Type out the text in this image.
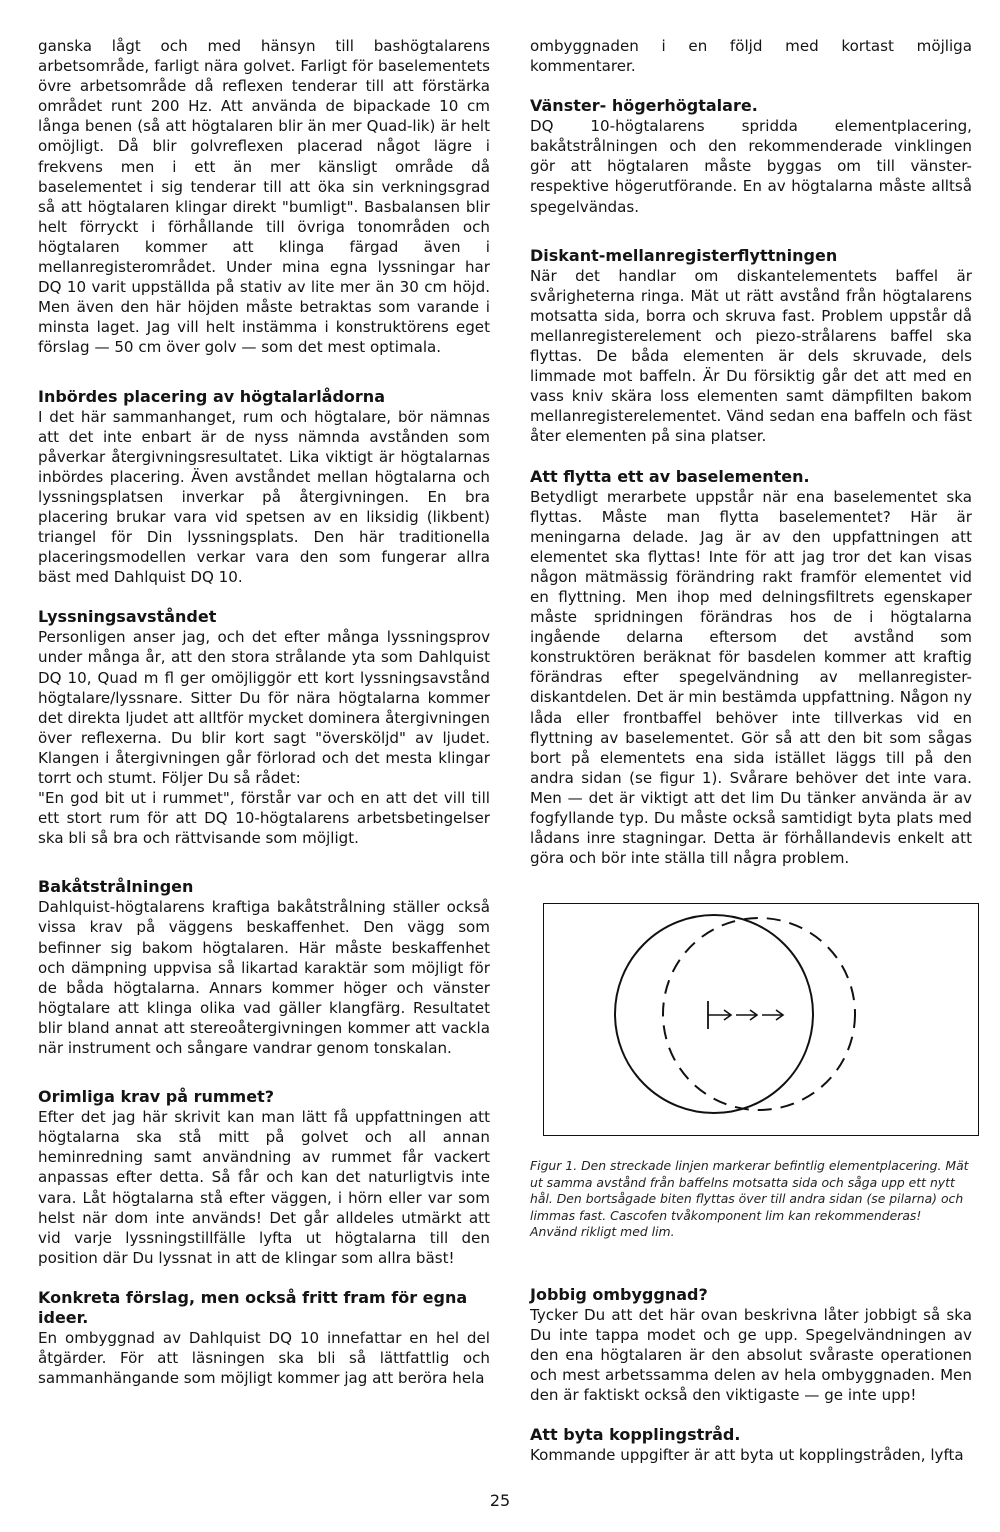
ganska lågt och med hänsyn till bashögtalarens arbetsområde, farligt nära golvet. Farligt för baselementets övre arbetsområde då reflexen tenderar till att förstärka området runt 200 Hz. Att använda de bipackade 10 cm långa benen (så att högtalaren blir än mer Quad-lik) är helt omöjligt. Då blir golvreflexen placerad något lägre i frekvens men i ett än mer känsligt område då baselementet i sig tenderar till att öka sin verkningsgrad så att högtalaren klingar direkt "bumligt". Basbalansen blir helt förryckt i förhållande till övriga tonområden och högtalaren kommer att klinga färgad även i mellanregisterområdet. Under mina egna lyssningar har DQ 10 varit uppställda på stativ av lite mer än 30 cm höjd. Men även den här höjden måste betraktas som varande i minsta laget. Jag vill helt instämma i konstruktörens eget förslag — 50 cm över golv — som det mest optimala.

Inbördes placering av högtalarlådorna

I det här sammanhanget, rum och högtalare, bör nämnas att det inte enbart är de nyss nämnda avstånden som påverkar återgivningsresultatet. Lika viktigt är högtalarnas inbördes placering. Även avståndet mellan högtalarna och lyssningsplatsen inverkar på återgivningen. En bra placering brukar vara vid spetsen av en liksidig (likbent) triangel för Din lyssningsplats. Den här traditionella placeringsmodellen verkar vara den som fungerar allra bäst med Dahlquist DQ 10.

Lyssningsavståndet

Personligen anser jag, och det efter många lyssningsprov under många år, att den stora strålande yta som Dahlquist DQ 10, Quad m fl ger omöjliggör ett kort lyssningsavstånd högtalare/lyssnare. Sitter Du för nära högtalarna kommer det direkta ljudet att alltför mycket dominera återgivningen över reflexerna. Du blir kort sagt "översköljd" av ljudet. Klangen i återgivningen går förlorad och det mesta klingar torrt och stumt. Följer Du så rådet:

"En god bit ut i rummet", förstår var och en att det vill till ett stort rum för att DQ 10-högtalarens arbetsbetingelser ska bli så bra och rättvisande som möjligt.

Bakåtstrålningen

Dahlquist-högtalarens kraftiga bakåtstrålning ställer också vissa krav på väggens beskaffenhet. Den vägg som befinner sig bakom högtalaren. Här måste beskaffenhet och dämpning uppvisa så likartad karaktär som möjligt för de båda högtalarna. Annars kommer höger och vänster högtalare att klinga olika vad gäller klangfärg. Resultatet blir bland annat att stereoåtergivningen kommer att vackla när instrument och sångare vandrar genom tonskalan.

Orimliga krav på rummet?

Efter det jag här skrivit kan man lätt få uppfattningen att högtalarna ska stå mitt på golvet och all annan heminredning samt användning av rummet får vackert anpassas efter detta. Så får och kan det naturligtvis inte vara. Låt högtalarna stå efter väggen, i hörn eller var som helst när dom inte används! Det går alldeles utmärkt att vid varje lyssningstillfälle lyfta ut högtalarna till den position där Du lyssnat in att de klingar som allra bäst!

Konkreta förslag, men också fritt fram för egna ideer.

En ombyggnad av Dahlquist DQ 10 innefattar en hel del åtgärder. För att läsningen ska bli så lättfattlig och sammanhängande som möjligt kommer jag att beröra hela

ombyggnaden i en följd med kortast möjliga kommentarer.

Vänster- högerhögtalare.

DQ 10-högtalarens spridda elementplacering, bakåtstrålningen och den rekommenderade vinklingen gör att högtalaren måste byggas om till vänster- respektive högerutförande. En av högtalarna måste alltså spegelvändas.

Diskant-mellanregisterflyttningen

När det handlar om diskantelementets baffel är svårigheterna ringa. Mät ut rätt avstånd från högtalarens motsatta sida, borra och skruva fast. Problem uppstår då mellanregisterelement och piezo-strålarens baffel ska flyttas. De båda elementen är dels skruvade, dels limmade mot baffeln. Är Du försiktig går det att med en vass kniv skära loss elementen samt dämpfilten bakom mellanregisterelementet. Vänd sedan ena baffeln och fäst åter elementen på sina platser.

Att flytta ett av baselementen.

Betydligt merarbete uppstår när ena baselementet ska flyttas. Måste man flytta baselementet? Här är meningarna delade. Jag är av den uppfattningen att elementet ska flyttas! Inte för att jag tror det kan visas någon mätmässig förändring rakt framför elementet vid en flyttning. Men ihop med delningsfiltrets egenskaper måste spridningen förändras hos de i högtalarna ingående delarna eftersom det avstånd som konstruktören beräknat för basdelen kommer att kraftig förändras efter spegelvändning av mellanregister- diskantdelen. Det är min bestämda uppfattning. Någon ny låda eller frontbaffel behöver inte tillverkas vid en flyttning av baselementet. Gör så att den bit som sågas bort på elementets ena sida istället läggs till på den andra sidan (se figur 1). Svårare behöver det inte vara. Men — det är viktigt att det lim Du tänker använda är av fogfyllande typ. Du måste också samtidigt byta plats med lådans inre stagningar. Detta är förhållandevis enkelt att göra och bör inte ställa till några problem.

Figur 1. Den streckade linjen markerar befintlig elementplacering. Mät ut samma avstånd från baffelns motsatta sida och såga upp ett nytt hål. Den bortsågade biten flyttas över till andra sidan (se pilarna) och limmas fast. Cascofen tvåkomponent lim kan rekommenderas! Använd rikligt med lim.
Jobbig ombyggnad?

Tycker Du att det här ovan beskrivna låter jobbigt så ska Du inte tappa modet och ge upp. Spegelvändningen av den ena högtalaren är den absolut svåraste operationen och mest arbetssamma delen av hela ombyggnaden. Men den är faktiskt också den viktigaste — ge inte upp!

Att byta kopplingstråd.

Kommande uppgifter är att byta ut kopplingstråden, lyfta

25
